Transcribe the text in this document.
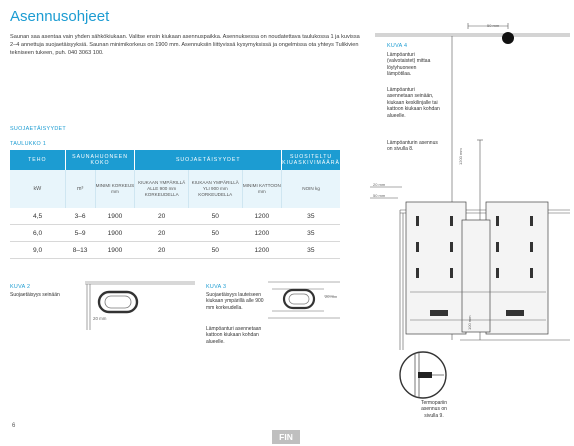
Asennusohjeet
Saunan saa asentaa vain yhden sähkökiukaan. Valitse ensin kiukaan asennuspaikka. Asennuksessa on noudatettava taulukossa 1 ja kuvissa 2–4 annettuja suojaetäisyyksiä. Saunan minimikorkeus on 1900 mm. Asennuksiin liittyvissä kysymyksissä ja ongelmissa ota yhteys Tulikivien tekniseen tukeen, puh. 040 3063 100.
SUOJAETÄISYYDET
TAULUKKO 1
TEHO	SAUNAHUONEEN KOKO		SUOJAETÄISYYDET			SUOSITELTU KIUASKIVIMÄÄRÄ
kW	m³	MINIMI KORKEUS mm	KIUKAAN YMPÄRILLÄ ALLE 900 mm KORKEUDELLA	KIUKAAN YMPÄRILLÄ YLI 900 mm KORKEUDELLA	MINIMI KATTOON mm	NOIN kg
4,5	3–6	1900	20	50	1200	35
6,0	5–9	1900	20	50	1200	35
9,0	8–13	1900	20	50	1200	35
KUVA 2
Suojaetäisyys seinään
20 mm
KUVA 3
Suojaetäisyys lauteiseen kiukaan ympärillä alle 900 mm korkeudella.
Lämpöanturi asennetaan kattoon kiukaan kohdan alueelle.
20 mm
50 mm
1200 mm
20 mm
50 mm
100 mm
KUVA 4
Lämpöanturi (valvotaistet) mittaa löylyhuoneen lämpötilaa.
Lämpöanturi asennetaan seinään, kiukaan keskilinjalle tai kattoon kiukaan kohdan alueelle.
Lämpöanturin asennus on sivulla 8.
Termopariin asennus on sivulla 9.
6
FIN
